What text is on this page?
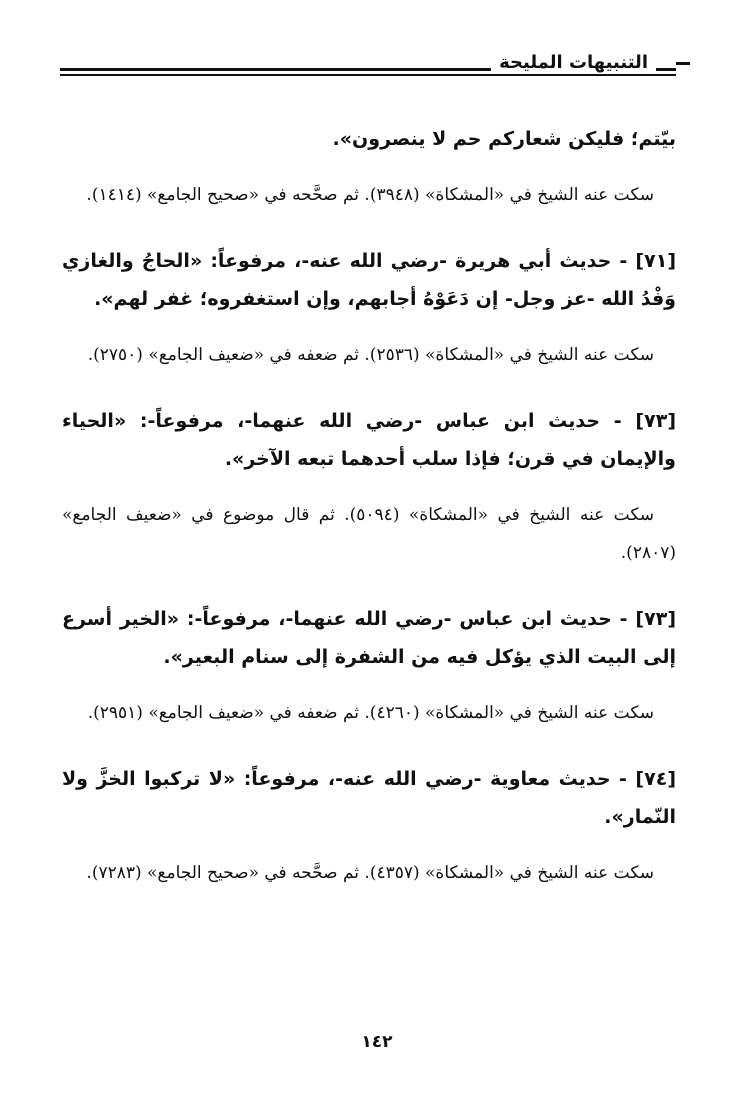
التنبيهات المليحة

بيّتم؛ فليكن شعاركم حم لا ينصرون».

سكت عنه الشيخ في «المشكاة» (٣٩٤٨). ثم صحَّحه في «صحيح الجامع» (١٤١٤).

[٧١] - حديث أبي هريرة -رضي الله عنه-، مرفوعاً: «الحاجُ والغازي وَفْدُ الله -عز وجل- إن دَعَوْهُ أجابهم، وإن استغفروه؛ غفر لهم».

سكت عنه الشيخ في «المشكاة» (٢٥٣٦). ثم ضعفه في «ضعيف الجامع» (٢٧٥٠).

[٧٣] - حديث ابن عباس -رضي الله عنهما-، مرفوعاً-: «الحياء والإيمان في قرن؛ فإذا سلب أحدهما تبعه الآخر».

سكت عنه الشيخ في «المشكاة» (٥٠٩٤). ثم قال موضوع في «ضعيف الجامع» (٢٨٠٧).

[٧٣] - حديث ابن عباس -رضي الله عنهما-، مرفوعاً-: «الخير أسرع إلى البيت الذي يؤكل فيه من الشفرة إلى سنام البعير».

سكت عنه الشيخ في «المشكاة» (٤٢٦٠). ثم ضعفه في «ضعيف الجامع» (٢٩٥١).

[٧٤] - حديث معاوية -رضي الله عنه-، مرفوعاً: «لا تركبوا الخزَّ ولا النّمار».

سكت عنه الشيخ في «المشكاة» (٤٣٥٧). ثم صحَّحه في «صحيح الجامع» (٧٢٨٣).

١٤٢
